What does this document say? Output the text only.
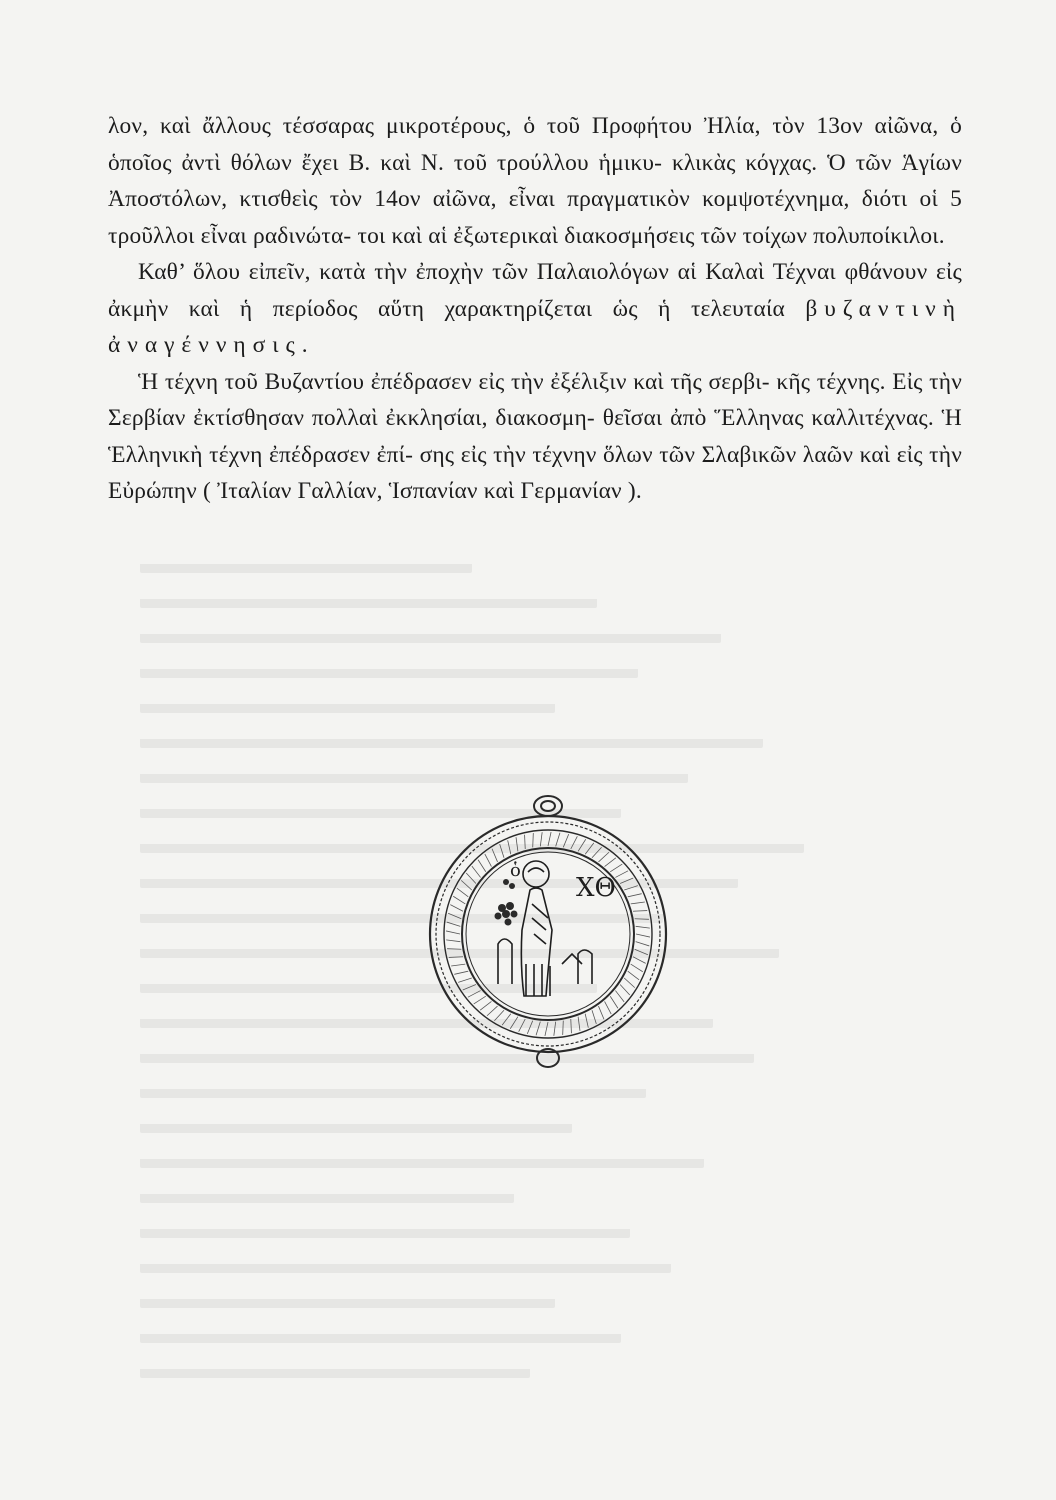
λον, καὶ ἄλλους τέσσαρας μικροτέρους, ὁ τοῦ Προφήτου Ἠλία, τὸν 13ον αἰῶνα, ὁ ὁποῖος ἀντὶ θόλων ἔχει Β. καὶ Ν. τοῦ τρούλλου ἡμικυ- κλικὰς κόγχας. Ὁ τῶν Ἁγίων Ἀποστόλων, κτισθεὶς τὸν 14ον αἰῶνα, εἶναι πραγματικὸν κομψοτέχνημα, διότι οἱ 5 τροῦλλοι εἶναι ραδινώτα- τοι καὶ αἱ ἐξωτερικαὶ διακοσμήσεις τῶν τοίχων πολυποίκιλοι.

Καθ’ ὅλου εἰπεῖν, κατὰ τὴν ἐποχὴν τῶν Παλαιολόγων αἱ Καλαὶ Τέχναι φθάνουν εἰς ἀκμὴν καὶ ἡ περίοδος αὕτη χαρακτηρίζεται ὡς ἡ τελευταία βυζαντινὴ ἀναγέννησις.

Ἡ τέχνη τοῦ Βυζαντίου ἐπέδρασεν εἰς τὴν ἐξέλιξιν καὶ τῆς σερβι- κῆς τέχνης. Εἰς τὴν Σερβίαν ἐκτίσθησαν πολλαὶ ἐκκλησίαι, διακοσμη- θεῖσαι ἀπὸ Ἕλληνας καλλιτέχνας. Ἡ Ἑλληνικὴ τέχνη ἐπέδρασεν ἐπί- σης εἰς τὴν τέχνην ὅλων τῶν Σλαβικῶν λαῶν καὶ εἰς τὴν Εὐρώπην ( Ἰταλίαν Γαλλίαν, Ἱσπανίαν καὶ Γερμανίαν ).

ΧΘ
ὁ
